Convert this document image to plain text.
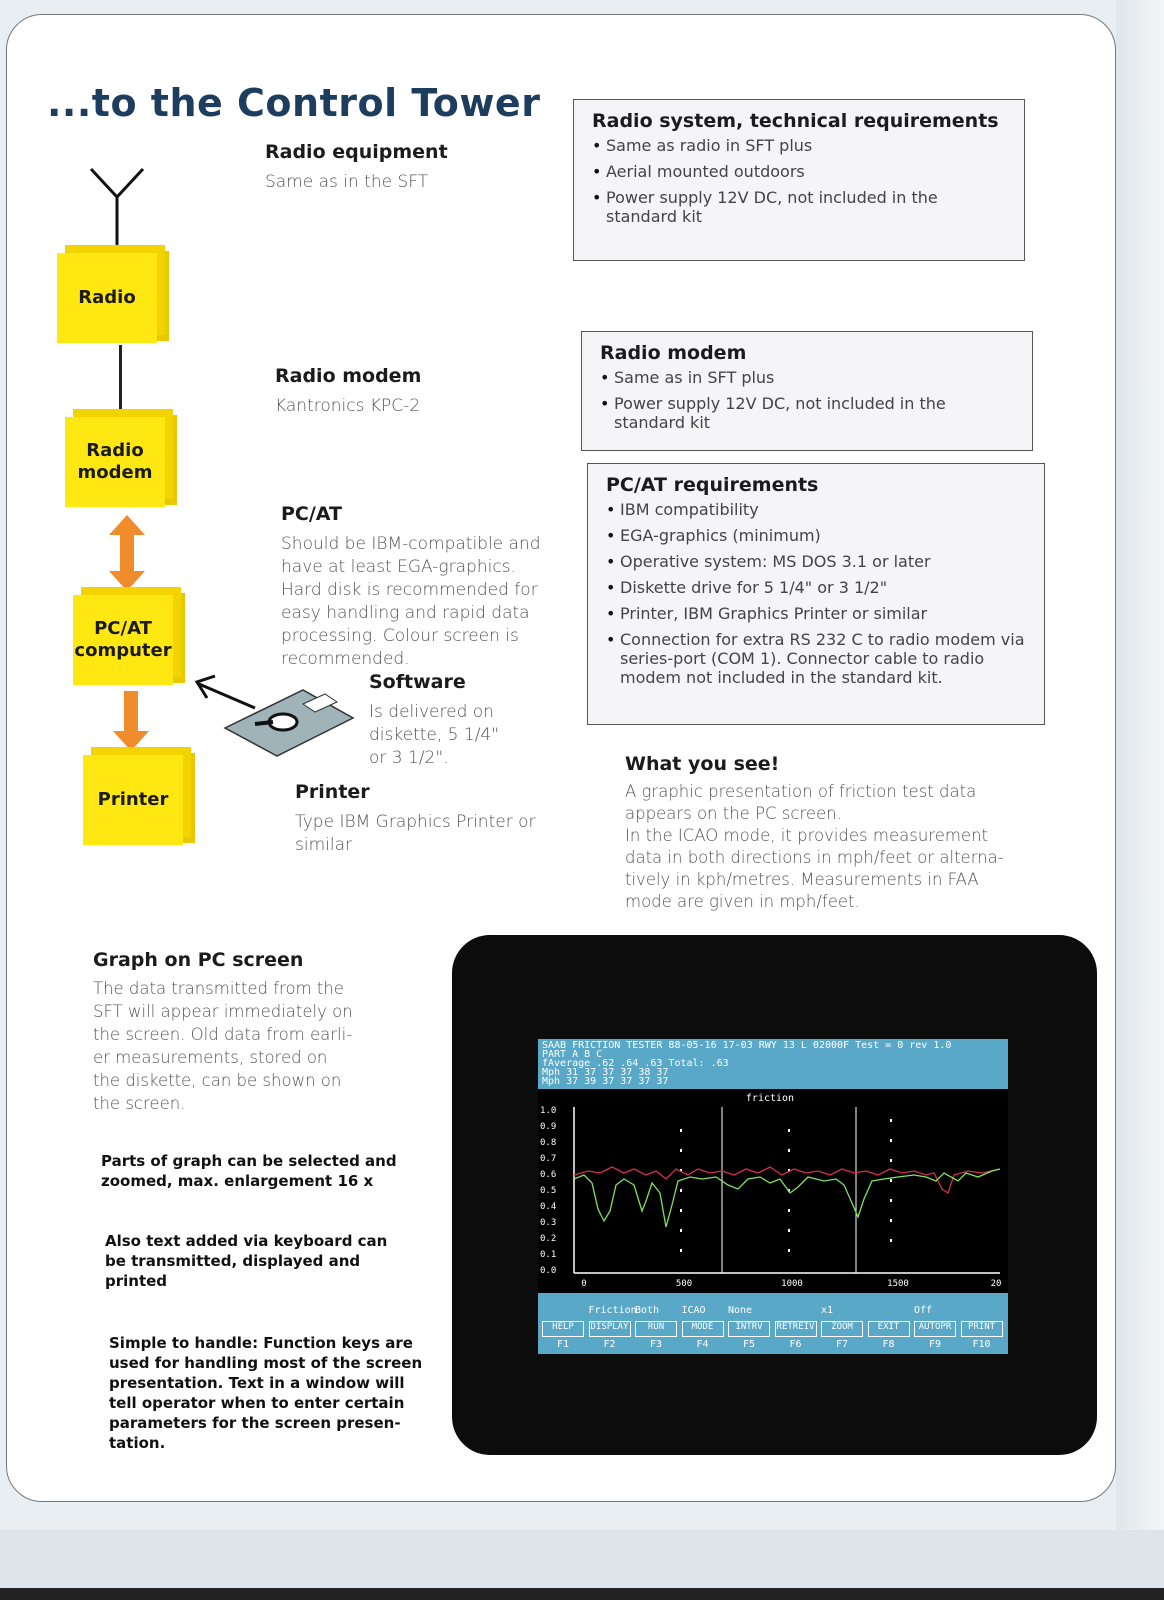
...to the Control Tower
Radio
Radio
modem
PC/AT
computer
Printer
Radio equipment
Same as in the SFT
Radio modem
Kantronics KPC-2
PC/AT
Should be IBM-compatible and
have at least EGA-graphics.
Hard disk is recommended for
easy handling and rapid data
processing. Colour screen is
recommended.
Software
Is delivered on
diskette, 5 1/4"
or 3 1/2".
Printer
Type IBM Graphics Printer or
similar
Radio system, technical requirements
• Same as radio in SFT plus
• Aerial mounted outdoors
• Power supply 12V DC, not included in the standard kit
Radio modem
• Same as in SFT plus
• Power supply 12V DC, not included in the standard kit
PC/AT requirements
• IBM compatibility
• EGA-graphics (minimum)
• Operative system: MS DOS 3.1 or later
• Diskette drive for 5 1/4" or 3 1/2"
• Printer, IBM Graphics Printer or similar
• Connection for extra RS 232 C to radio modem via series-port (COM 1). Connector cable to radio modem not included in the standard kit.
What you see!
A graphic presentation of friction test data
appears on the PC screen.
In the ICAO mode, it provides measurement
data in both directions in mph/feet or alterna-
tively in kph/metres. Measurements in FAA
mode are given in mph/feet.
Graph on PC screen
The data transmitted from the
SFT will appear immediately on
the screen. Old data from earli-
er measurements, stored on
the diskette, can be shown on
the screen.
Parts of graph can be selected and
zoomed, max. enlargement 16 x
Also text added via keyboard can
be transmitted, displayed and
printed
Simple to handle: Function keys are
used for handling most of the screen
presentation. Text in a window will
tell operator when to enter certain
parameters for the screen presen-
tation.
SAAB FRICTION TESTER 88-05-16 17-03 RWY 13 L 02000F Test = 0 rev 1.0
PART A B C
fAverage .62 .64 .63 Total: .63
Mph 31 37 37 37 38 37
Mph 37 39 37 37 37 37
friction
1.0
0.9
0.8
0.7
0.6
0.5
0.4
0.3
0.2
0.1
0.0
0	500	1000	1500	20
HELP
F1
Friction
DISPLAY
F2
Both
RUN
F3
ICAO
MODE
F4
None
INTRV
F5
RETREIV
F6
x1
ZOOM
F7
EXIT
F8
Off
AUTOPR
F9
PRINT
F10
